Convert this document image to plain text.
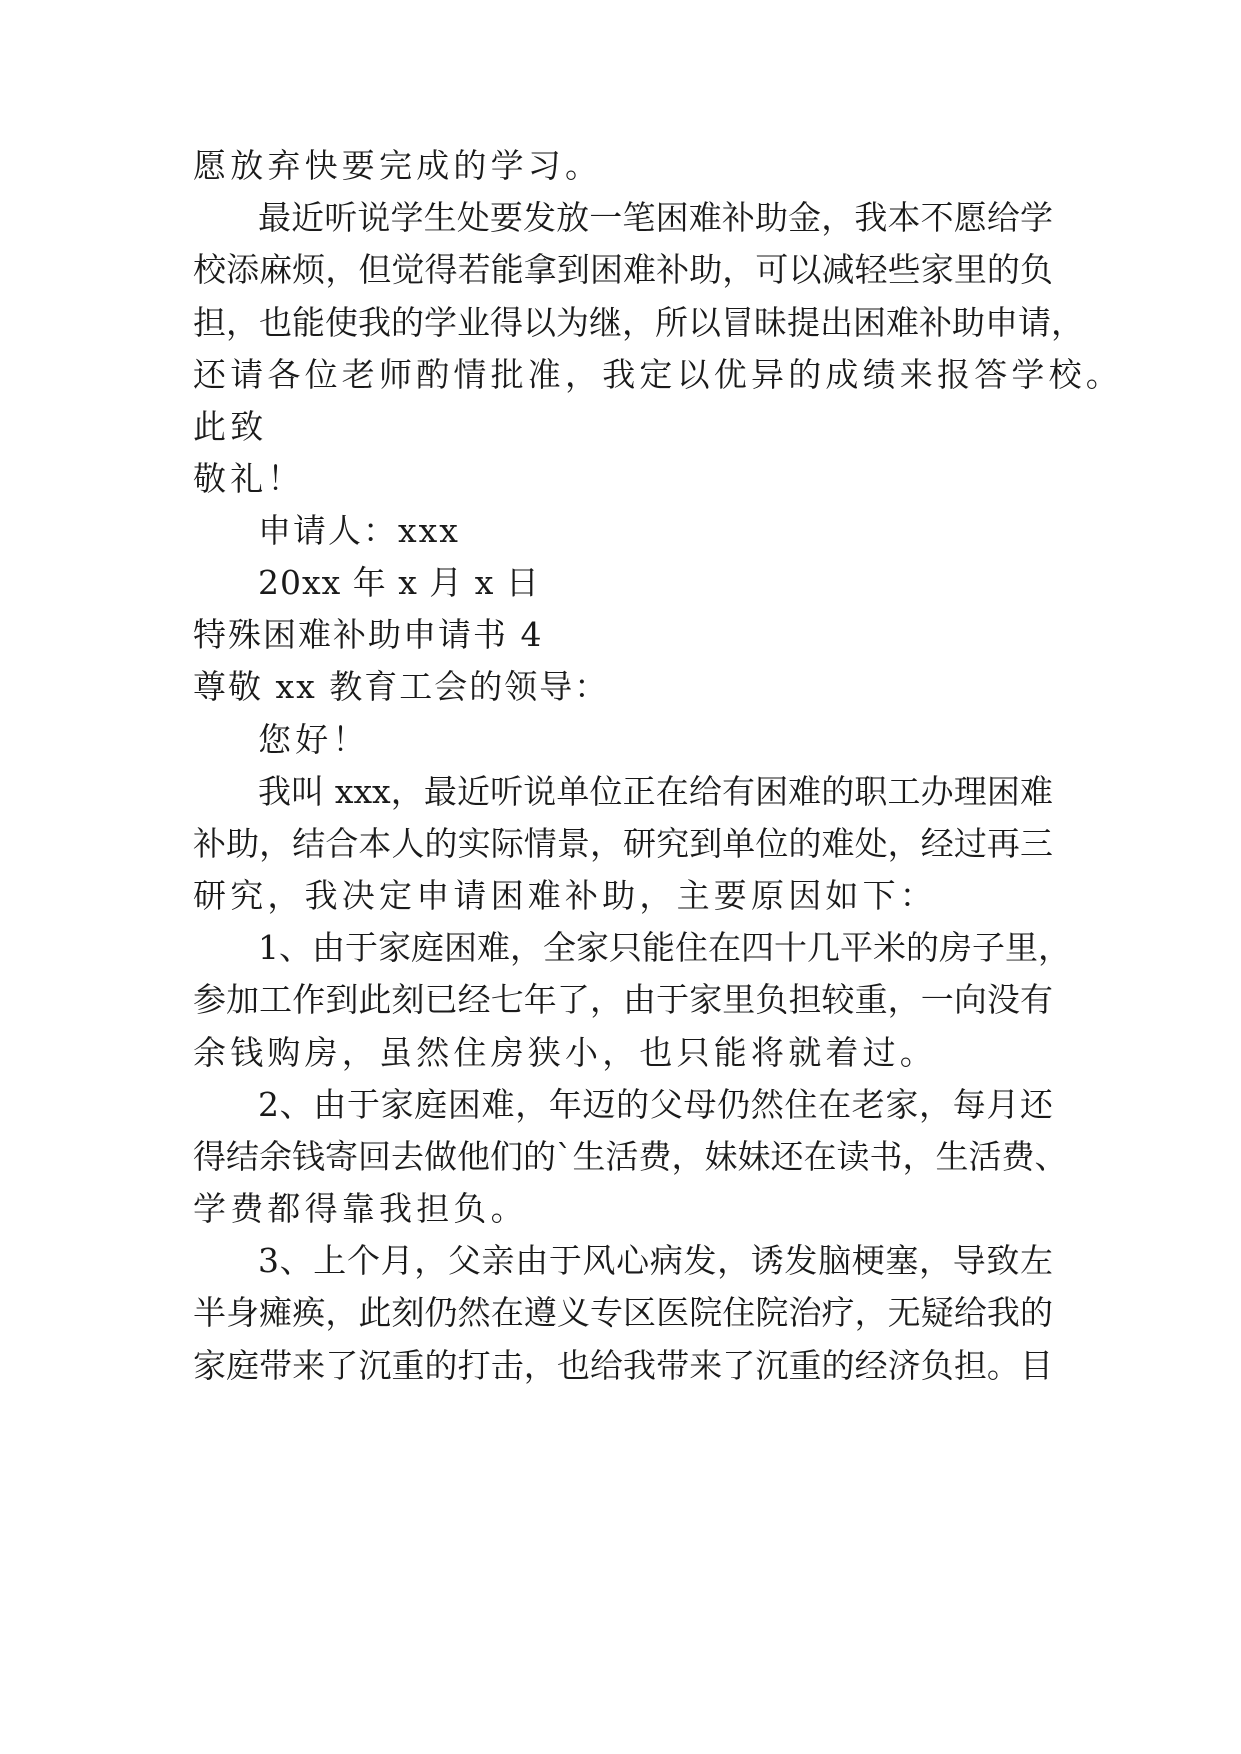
愿放弃快要完成的学习。
最近听说学生处要发放一笔困难补助金，我本不愿给学
校添麻烦，但觉得若能拿到困难补助，可以减轻些家里的负
担，也能使我的学业得以为继，所以冒昧提出困难补助申请，
还请各位老师酌情批准，我定以优异的成绩来报答学校。
此致
敬礼！
申请人：xxx
20xx 年 x 月 x 日
特殊困难补助申请书 4
尊敬 xx 教育工会的领导：
您好！
我叫 xxx，最近听说单位正在给有困难的职工办理困难
补助，结合本人的实际情景，研究到单位的难处，经过再三
研究，我决定申请困难补助，主要原因如下：
1、由于家庭困难，全家只能住在四十几平米的房子里，
参加工作到此刻已经七年了，由于家里负担较重，一向没有
余钱购房，虽然住房狭小，也只能将就着过。
2、由于家庭困难，年迈的父母仍然住在老家，每月还
得结余钱寄回去做他们的`生活费，妹妹还在读书，生活费、
学费都得靠我担负。
3、上个月，父亲由于风心病发，诱发脑梗塞，导致左
半身瘫痪，此刻仍然在遵义专区医院住院治疗，无疑给我的
家庭带来了沉重的打击，也给我带来了沉重的经济负担。目
